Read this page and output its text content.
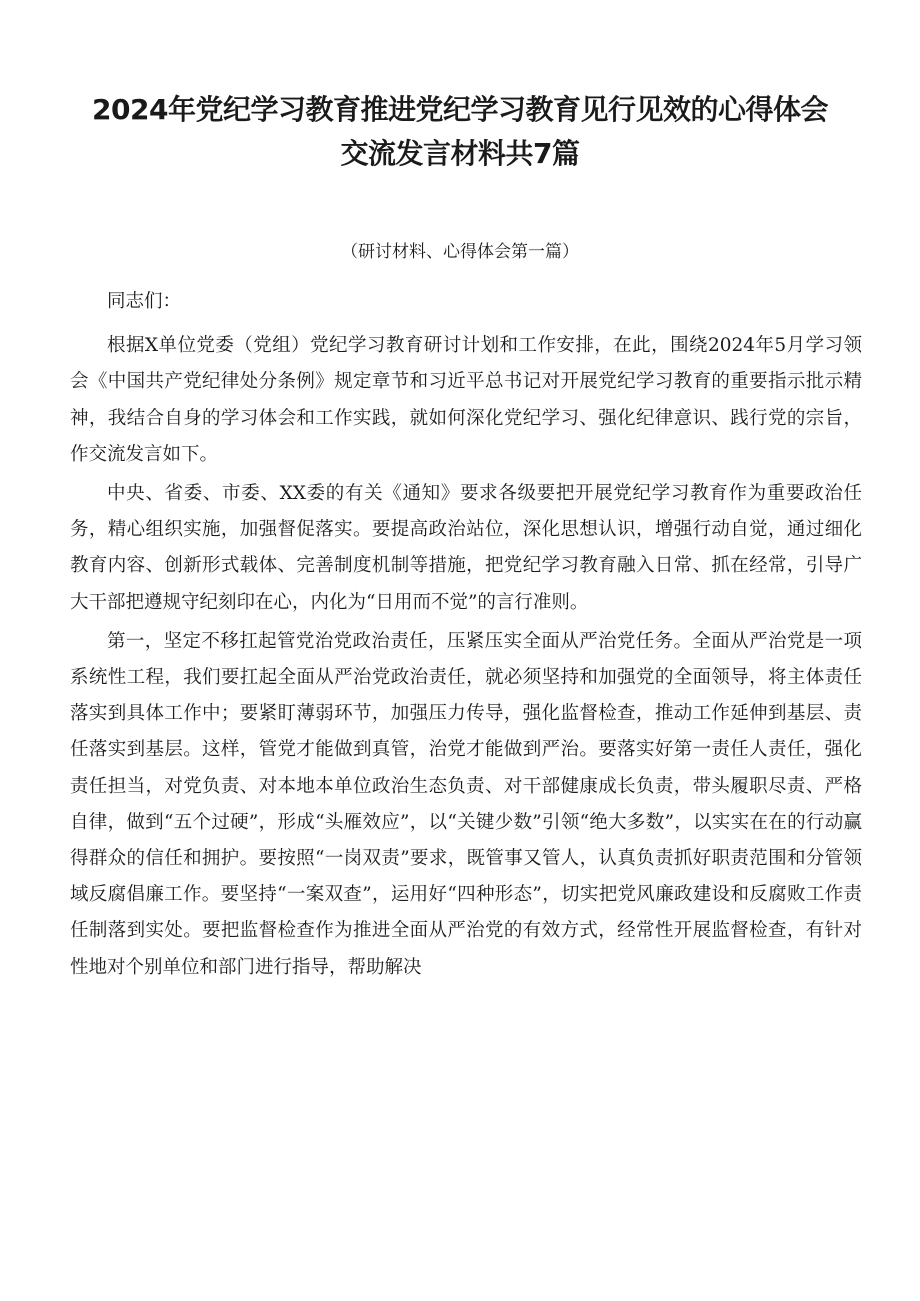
2024年党纪学习教育推进党纪学习教育见行见效的心得体会交流发言材料共7篇
（研讨材料、心得体会第一篇）

同志们：

根据X单位党委（党组）党纪学习教育研讨计划和工作安排，在此，围绕2024年5月学习领会《中国共产党纪律处分条例》规定章节和习近平总书记对开展党纪学习教育的重要指示批示精神，我结合自身的学习体会和工作实践，就如何深化党纪学习、强化纪律意识、践行党的宗旨，作交流发言如下。

中央、省委、市委、XX委的有关《通知》要求各级要把开展党纪学习教育作为重要政治任务，精心组织实施，加强督促落实。要提高政治站位，深化思想认识，增强行动自觉，通过细化教育内容、创新形式载体、完善制度机制等措施，把党纪学习教育融入日常、抓在经常，引导广大干部把遵规守纪刻印在心，内化为“日用而不觉”的言行准则。

第一，坚定不移扛起管党治党政治责任，压紧压实全面从严治党任务。全面从严治党是一项系统性工程，我们要扛起全面从严治党政治责任，就必须坚持和加强党的全面领导，将主体责任落实到具体工作中；要紧盯薄弱环节，加强压力传导，强化监督检查，推动工作延伸到基层、责任落实到基层。这样，管党才能做到真管，治党才能做到严治。要落实好第一责任人责任，强化责任担当，对党负责、对本地本单位政治生态负责、对干部健康成长负责，带头履职尽责、严格自律，做到“五个过硬”，形成“头雁效应”，以“关键少数”引领“绝大多数”，以实实在在的行动赢得群众的信任和拥护。要按照“一岗双责”要求，既管事又管人，认真负责抓好职责范围和分管领域反腐倡廉工作。要坚持“一案双查”，运用好“四种形态”，切实把党风廉政建设和反腐败工作责任制落到实处。要把监督检查作为推进全面从严治党的有效方式，经常性开展监督检查，有针对性地对个别单位和部门进行指导，帮助解决
